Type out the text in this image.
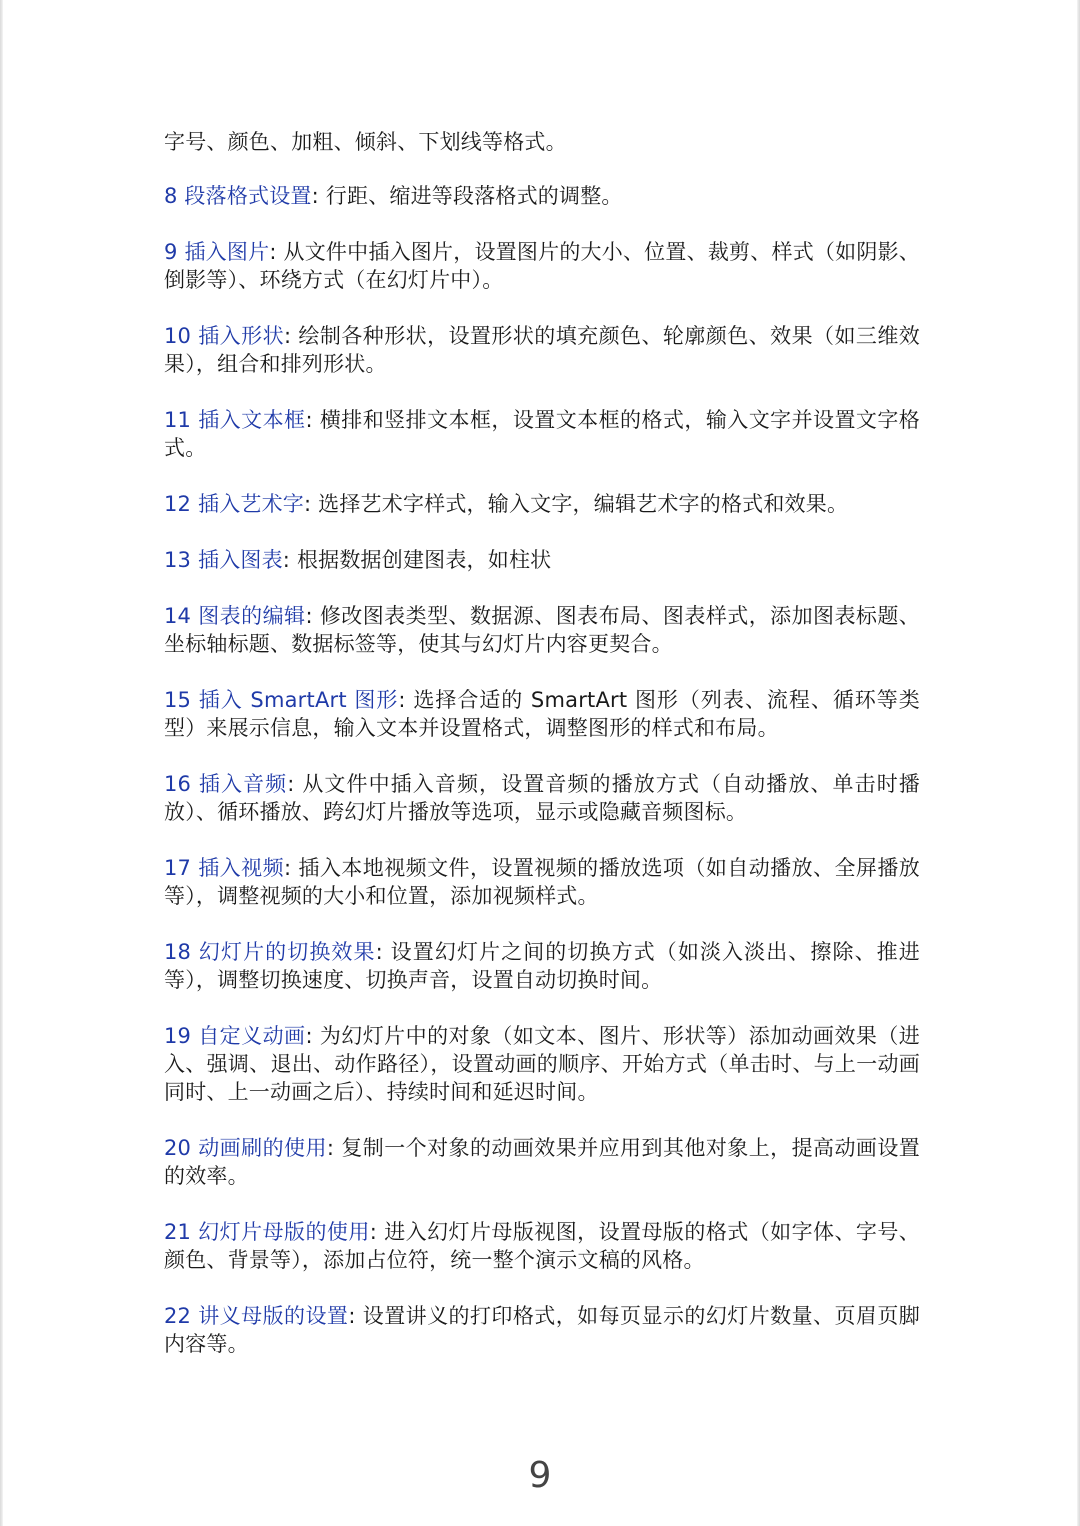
字号、颜色、加粗、倾斜、下划线等格式。

8 段落格式设置: 行距、缩进等段落格式的调整。

9 插入图片: 从文件中插入图片，设置图片的大小、位置、裁剪、样式（如阴影、倒影等）、环绕方式（在幻灯片中）。

10 插入形状: 绘制各种形状，设置形状的填充颜色、轮廓颜色、效果（如三维效果），组合和排列形状。

11 插入文本框: 横排和竖排文本框，设置文本框的格式，输入文字并设置文字格式。

12 插入艺术字: 选择艺术字样式，输入文字，编辑艺术字的格式和效果。

13 插入图表: 根据数据创建图表，如柱状

14 图表的编辑: 修改图表类型、数据源、图表布局、图表样式，添加图表标题、坐标轴标题、数据标签等，使其与幻灯片内容更契合。

15 插入 SmartArt 图形: 选择合适的 SmartArt 图形（列表、流程、循环等类型）来展示信息，输入文本并设置格式，调整图形的样式和布局。

16 插入音频: 从文件中插入音频，设置音频的播放方式（自动播放、单击时播放）、循环播放、跨幻灯片播放等选项，显示或隐藏音频图标。

17 插入视频: 插入本地视频文件，设置视频的播放选项（如自动播放、全屏播放等），调整视频的大小和位置，添加视频样式。

18 幻灯片的切换效果: 设置幻灯片之间的切换方式（如淡入淡出、擦除、推进等），调整切换速度、切换声音，设置自动切换时间。

19 自定义动画: 为幻灯片中的对象（如文本、图片、形状等）添加动画效果（进入、强调、退出、动作路径），设置动画的顺序、开始方式（单击时、与上一动画同时、上一动画之后）、持续时间和延迟时间。

20 动画刷的使用: 复制一个对象的动画效果并应用到其他对象上，提高动画设置的效率。

21 幻灯片母版的使用: 进入幻灯片母版视图，设置母版的格式（如字体、字号、颜色、背景等），添加占位符，统一整个演示文稿的风格。

22 讲义母版的设置: 设置讲义的打印格式，如每页显示的幻灯片数量、页眉页脚内容等。

9
